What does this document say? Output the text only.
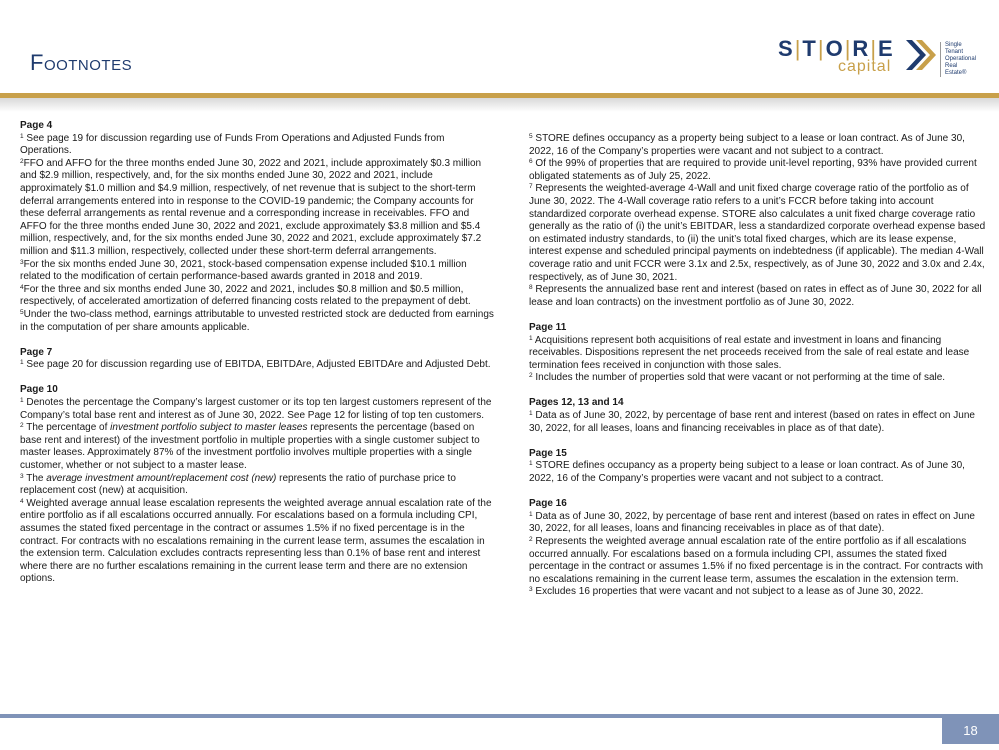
Footnotes
S|T|O|R|E
capital
Single
Tenant
Operational
Real
Estate®
Page 4

$^1$ See page 19 for discussion regarding use of Funds From Operations and Adjusted Funds from Operations.

$^2$FFO and AFFO for the three months ended June 30, 2022 and 2021, include approximately $0.3 million and $2.9 million, respectively, and, for the six months ended June 30, 2022 and 2021, include approximately $1.0 million and $4.9 million, respectively, of net revenue that is subject to the short-term deferral arrangements entered into in response to the COVID-19 pandemic; the Company accounts for these deferral arrangements as rental revenue and a corresponding increase in receivables. FFO and AFFO for the three months ended June 30, 2022 and 2021, exclude approximately $3.8 million and $5.4 million, respectively, and, for the six months ended June 30, 2022 and 2021, exclude approximately $7.2 million and $11.3 million, respectively, collected under these short-term deferral arrangements.

$^3$For the six months ended June 30, 2021, stock-based compensation expense included $10.1 million related to the modification of certain performance-based awards granted in 2018 and 2019.

$^4$For the three and six months ended June 30, 2022 and 2021, includes $0.8 million and $0.5 million, respectively, of accelerated amortization of deferred financing costs related to the prepayment of debt.

$^5$Under the two-class method, earnings attributable to unvested restricted stock are deducted from earnings in the computation of per share amounts applicable.

Page 7

$^1$ See page 20 for discussion regarding use of EBITDA, EBITDAre, Adjusted EBITDAre and Adjusted Debt.

Page 10

$^1$ Denotes the percentage the Company’s largest customer or its top ten largest customers represent of the Company’s total base rent and interest as of June 30, 2022. See Page 12 for listing of top ten customers.

$^2$ The percentage of investment portfolio subject to master leases represents the percentage (based on base rent and interest) of the investment portfolio in multiple properties with a single customer subject to master leases. Approximately 87% of the investment portfolio involves multiple properties with a single customer, whether or not subject to a master lease.

$^3$ The average investment amount/replacement cost (new) represents the ratio of purchase price to replacement cost (new) at acquisition.

$^4$ Weighted average annual lease escalation represents the weighted average annual escalation rate of the entire portfolio as if all escalations occurred annually. For escalations based on a formula including CPI, assumes the stated fixed percentage in the contract or assumes 1.5% if no fixed percentage is in the contract. For contracts with no escalations remaining in the current lease term, assumes the escalation in the extension term. Calculation excludes contracts representing less than 0.1% of base rent and interest where there are no further escalations remaining in the current lease term and there are no extension options.

$^5$ STORE defines occupancy as a property being subject to a lease or loan contract. As of June 30, 2022, 16 of the Company’s properties were vacant and not subject to a contract.

$^6$ Of the 99% of properties that are required to provide unit-level reporting, 93% have provided current obligated statements as of July 25, 2022.

$^7$ Represents the weighted-average 4-Wall and unit fixed charge coverage ratio of the portfolio as of June 30, 2022. The 4-Wall coverage ratio refers to a unit’s FCCR before taking into account standardized corporate overhead expense. STORE also calculates a unit fixed charge coverage ratio generally as the ratio of (i) the unit’s EBITDAR, less a standardized corporate overhead expense based on estimated industry standards, to (ii) the unit’s total fixed charges, which are its lease expense, interest expense and scheduled principal payments on indebtedness (if applicable). The median 4-Wall coverage ratio and unit FCCR were 3.1x and 2.5x, respectively, as of June 30, 2022 and 3.0x and 2.4x, respectively, as of June 30, 2021.

$^8$ Represents the annualized base rent and interest (based on rates in effect as of June 30, 2022 for all lease and loan contracts) on the investment portfolio as of June 30, 2022.

Page 11

$^1$ Acquisitions represent both acquisitions of real estate and investment in loans and financing receivables. Dispositions represent the net proceeds received from the sale of real estate and lease termination fees received in conjunction with those sales.

$^2$ Includes the number of properties sold that were vacant or not performing at the time of sale.

Pages 12, 13 and 14

$^1$ Data as of June 30, 2022, by percentage of base rent and interest (based on rates in effect on June 30, 2022, for all leases, loans and financing receivables in place as of that date).

Page 15

$^1$ STORE defines occupancy as a property being subject to a lease or loan contract. As of June 30, 2022, 16 of the Company’s properties were vacant and not subject to a contract.

Page 16

$^1$ Data as of June 30, 2022, by percentage of base rent and interest (based on rates in effect on June 30, 2022, for all leases, loans and financing receivables in place as of that date).

$^2$ Represents the weighted average annual escalation rate of the entire portfolio as if all escalations occurred annually. For escalations based on a formula including CPI, assumes the stated fixed percentage in the contract or assumes 1.5% if no fixed percentage is in the contract. For contracts with no escalations remaining in the current lease term, assumes the escalation in the extension term.

$^3$ Excludes 16 properties that were vacant and not subject to a lease as of June 30, 2022.

18
